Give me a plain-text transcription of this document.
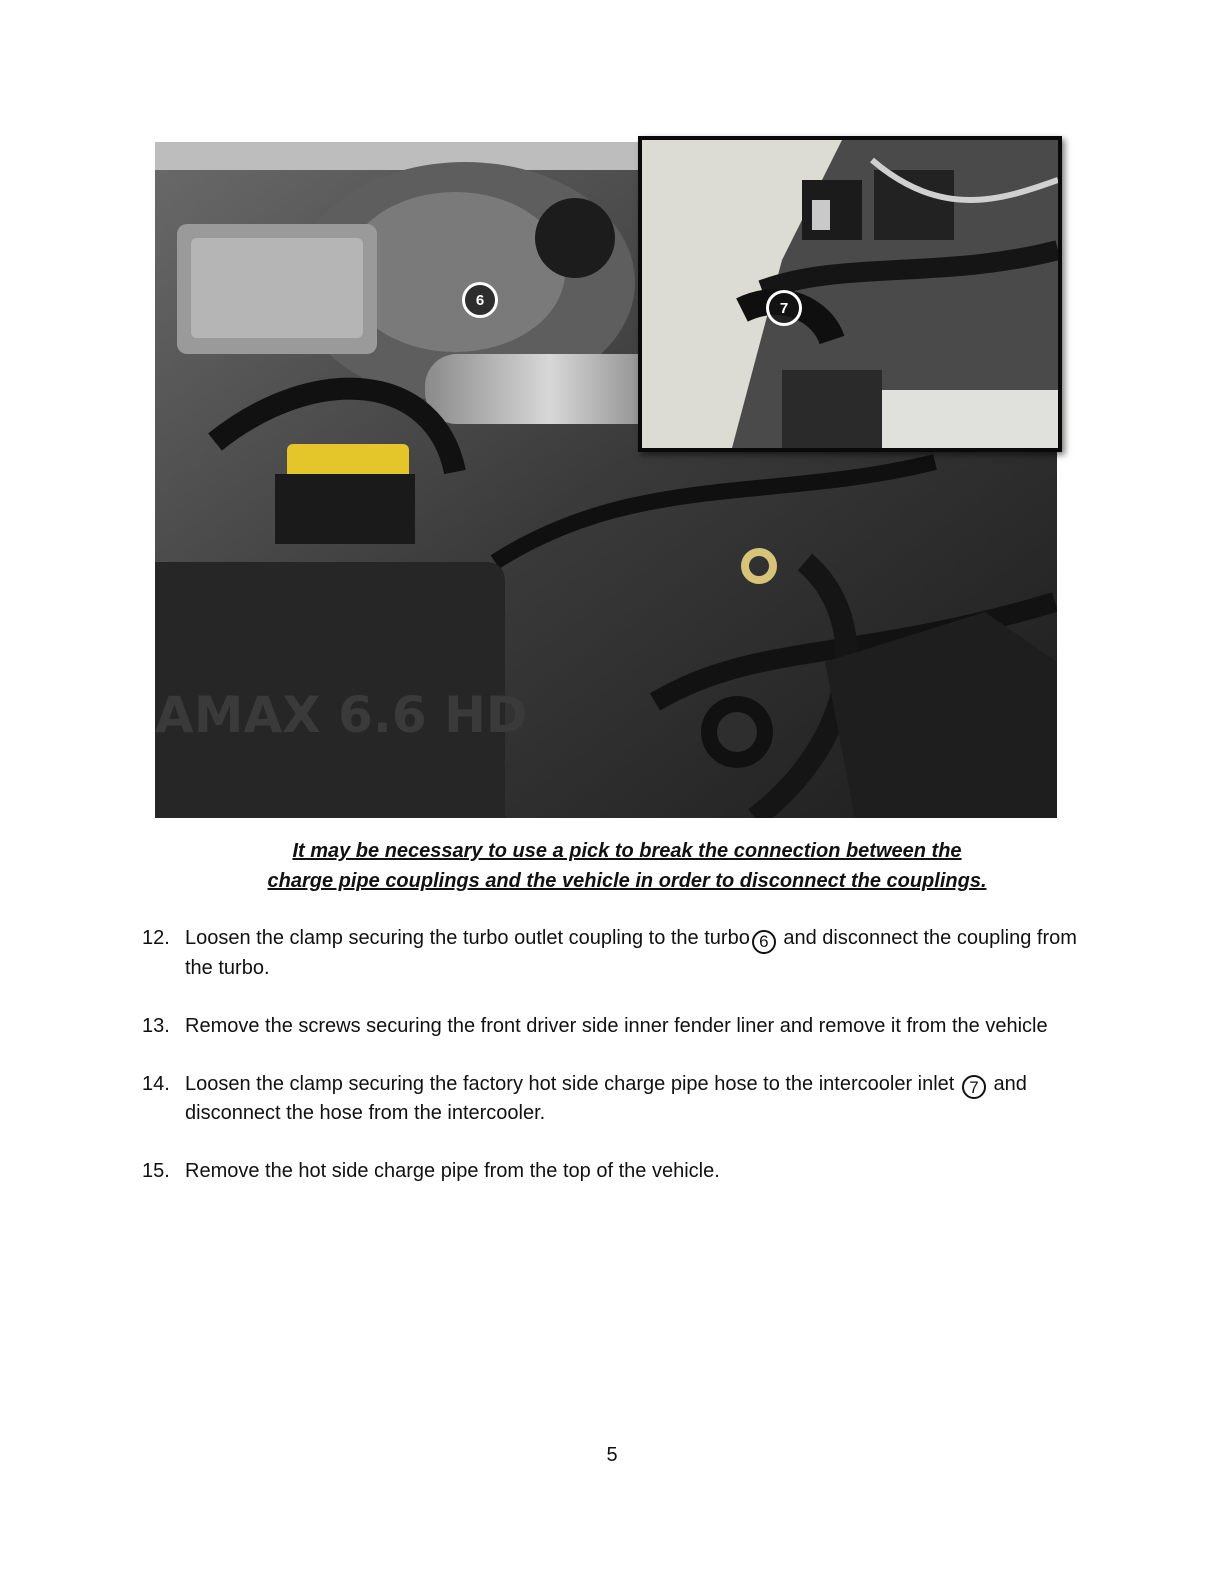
AMAX 6.6 HD
6	7
It may be necessary to use a pick to break the connection between the
charge pipe couplings and the vehicle in order to disconnect the couplings.
12. Loosen the clamp securing the turbo outlet coupling to the turbo 6 and disconnect the coupling from the turbo.
13. Remove the screws securing the front driver side inner fender liner and remove it from the vehicle
14. Loosen the clamp securing the factory hot side charge pipe hose to the intercooler inlet 7 and disconnect the hose from the intercooler.
15. Remove the hot side charge pipe from the top of the vehicle.
5
